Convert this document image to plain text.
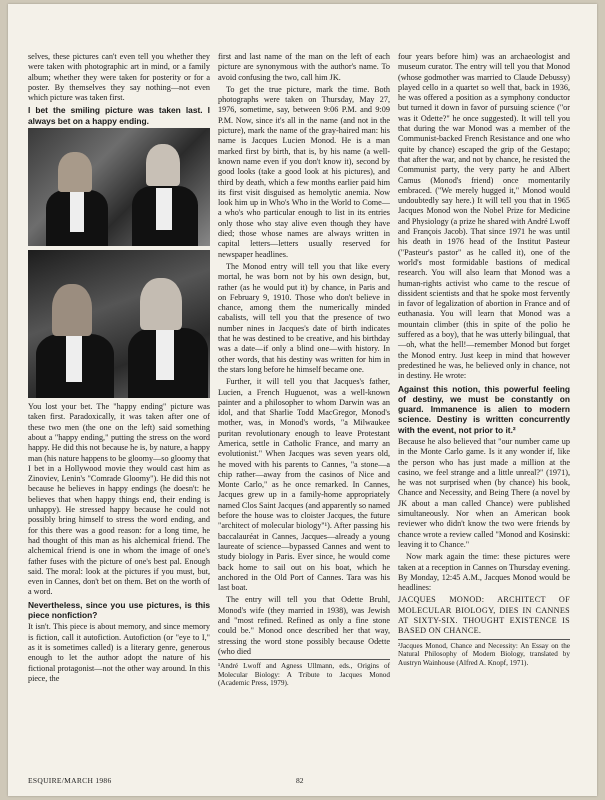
selves, these pictures can't even tell you whether they were taken with photographic art in mind, or a family album; whether they were taken for posterity or for a poster. By themselves they say nothing—not even which picture was taken first.

I bet the smiling picture was taken last. I always bet on a happy ending.

You lost your bet. The "happy ending" picture was taken first. Paradoxically, it was taken after one of these two men (the one on the left) said something about a "happy ending," putting the stress on the word happy. He did this not because he is, by nature, a happy man (his nature happens to be gloomy—so gloomy that I bet in a Hollywood movie they would cast him as Zinoviev, Lenin's "Comrade Gloomy"). He did this not because he believes in happy endings (he doesn't: he believes that when happy things end, their ending is unhappy). He stressed happy because he could not possibly bring himself to stress the word ending, and for this there was a good reason: for a long time, he had thought of this man as his alchemical friend. The alchemical friend is one in whom the image of one's father fuses with the picture of one's best pal. Enough said. The moral: look at the pictures if you must, but, even in Cannes, don't bet on them. Bet on the worth of a word.

Nevertheless, since you use pictures, is this piece nonfiction?

It isn't. This piece is about memory, and since memory is fiction, call it autofiction. Autofiction (or "eye to I," as it is sometimes called) is a literary genre, generous enough to let the author adopt the nature of his fictional protagonist—not the other way around. In this piece, the

first and last name of the man on the left of each picture are synonymous with the author's name. To avoid confusing the two, call him JK.

To get the true picture, mark the time. Both photographs were taken on Thursday, May 27, 1976, sometime, say, between 9:06 P.M. and 9:09 P.M. Now, since it's all in the name (and not in the picture), mark the name of the gray-haired man: his name is Jacques Lucien Monod. He is a man marked first by birth, that is, by his name (a well-known name even if you don't know it), second by good looks (take a good look at his pictures), and third by death, which a few months earlier paid him its first visit disguised as hemolytic anemia. Now look him up in Who's Who in the World to Come—a who's who particular enough to list in its entries only those who stay alive even though they have died; those whose names are always written in capital letters—letters usually reserved for newspaper headlines.

The Monod entry will tell you that like every mortal, he was born not by his own design, but, rather (as he would put it) by chance, in Paris and on February 9, 1910. Those who don't believe in chance, among them the numerically minded cabalists, will tell you that the presence of two number nines in Jacques's date of birth indicates that he was destined to be creative, and his birthday was a date—if only a blind one—with history. In other words, that his destiny was written for him in the stars long before he himself became one.

Further, it will tell you that Jacques's father, Lucien, a French Huguenot, was a well-known painter and a philosopher to whom Darwin was an idol, and that Sharlie Todd MacGregor, Monod's mother, was, in Monod's words, "a Milwaukee puritan revolutionary enough to leave Protestant America, settle in Catholic France, and marry an evolutionist." When Jacques was seven years old, he moved with his parents to Cannes, "a stone—a chip rather—away from the casinos of Nice and Monte Carlo," as he once remarked. In Cannes, Jacques grew up in a family-home appropriately named Clos Saint Jacques (and apparently so named before the house was to cloister Jacques, the future "architect of molecular biology"¹). After passing his baccalauréat in Cannes, Jacques—already a young laureate of science—bypassed Cannes and went to study biology in Paris. Ever since, he would come back home to sail out on his boat, which he anchored in the Old Port of Cannes. Tara was his last boat.

The entry will tell you that Odette Bruhl, Monod's wife (they married in 1938), was Jewish and "most refined. Refined as only a fine stone could be." Monod once described her that way, stressing the word stone possibly because Odette (who died

¹André Lwoff and Agness Ullmann, eds., Origins of Molecular Biology: A Tribute to Jacques Monod (Academic Press, 1979).

four years before him) was an archaeologist and museum curator. The entry will tell you that Monod (whose godmother was married to Claude Debussy) played cello in a quartet so well that, back in 1936, he was offered a position as a symphony conductor but turned it down in favor of pursuing science ("or was it Odette?" he once suggested). It will tell you that during the war Monod was a member of the Communist-backed French Resistance and one who quite by chance) escaped the grip of the Gestapo; that after the war, and not by chance, he resisted the Communist party, the very party he and Albert Camus (Monod's friend) once momentarily embraced. ("We merely hugged it," Monod would undoubtedly say here.) It will tell you that in 1965 Jacques Monod won the Nobel Prize for Medicine and Physiology (a prize he shared with André Lwoff and François Jacob). That since 1971 he was until his death in 1976 head of the Institut Pasteur ("Pasteur's pastor" as he called it), one of the world's most formidable bastions of medical research. You will also learn that Monod was a human-rights activist who came to the rescue of dissident scientists and that he spoke most fervently in favor of legalization of abortion in France and of euthanasia. You will learn that Monod was a mountain climber (this in spite of the polio he suffered as a boy), that he was utterly bilingual, that—oh, what the hell!—remember Monod but forget the Monod entry. Just keep in mind that however predestined he was, he believed only in chance, not in destiny. He wrote:

Against this notion, this powerful feeling of destiny, we must be constantly on guard. Immanence is alien to modern science. Destiny is written concurrently with the event, not prior to it.²

Because he also believed that "our number came up in the Monte Carlo game. Is it any wonder if, like the person who has just made a million at the casino, we feel strange and a little unreal?" (1971), he was not surprised when (by chance) his book, Chance and Necessity, and Being There (a novel by JK about a man called Chance) were published simultaneously. Nor when an American book reviewer who didn't know the two were friends by chance wrote a review called "Monod and Kosinski: leaving it to Chance."

Now mark again the time: these pictures were taken at a reception in Cannes on Thursday evening. By Monday, 12:45 A.M., Jacques Monod would be headlines:

JACQUES MONOD: ARCHITECT OF MOLECULAR BIOLOGY, DIES IN CANNES AT SIXTY-SIX. THOUGHT EXISTENCE IS BASED ON CHANCE.

²Jacques Monod, Chance and Necessity: An Essay on the Natural Philosophy of Modern Biology, translated by Austryn Wainhouse (Alfred A. Knopf, 1971).

ESQUIRE/MARCH 1986	82
